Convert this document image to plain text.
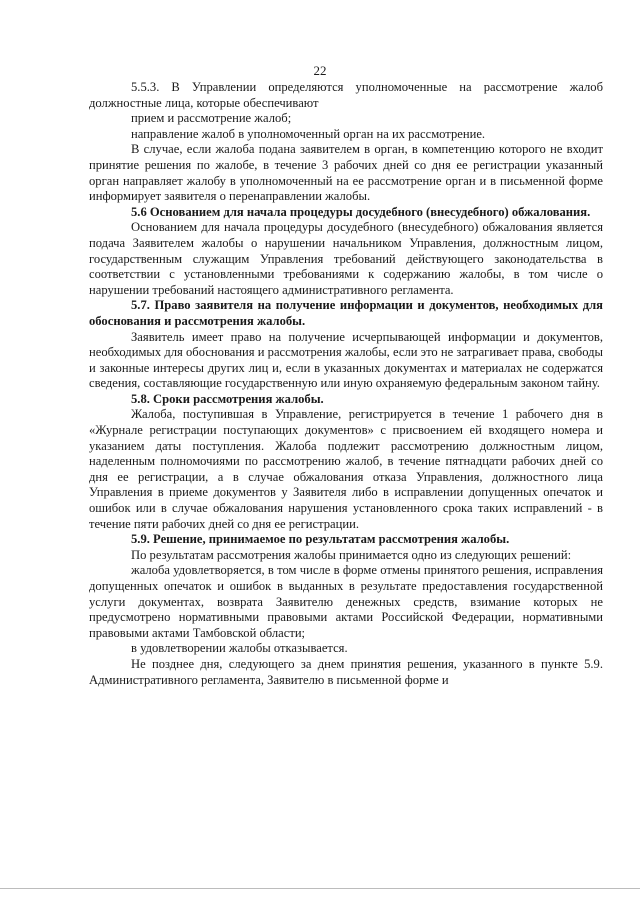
22

5.5.3. В Управлении определяются уполномоченные на рассмотрение жалоб должностные лица, которые обеспечивают

прием и рассмотрение жалоб;

направление жалоб в уполномоченный орган на их рассмотрение.

В случае, если жалоба подана заявителем в орган, в компетенцию которого не входит принятие решения по жалобе, в течение 3 рабочих дней со дня ее регистрации указанный орган направляет жалобу в уполномоченный на ее рассмотрение орган и в письменной форме информирует заявителя о перенаправлении жалобы.

5.6 Основанием для начала процедуры досудебного (внесудебного) обжалования.

Основанием для начала процедуры досудебного (внесудебного) обжалования является подача Заявителем жалобы о нарушении начальником Управления, должностным лицом, государственным служащим Управления требований действующего законодательства в соответствии с установленными требованиями к содержанию жалобы, в том числе о нарушении требований настоящего административного регламента.

5.7. Право заявителя на получение информации и документов, необходимых для обоснования и рассмотрения жалобы.

Заявитель имеет право на получение исчерпывающей информации и документов, необходимых для обоснования и рассмотрения жалобы, если это не затрагивает права, свободы и законные интересы других лиц и, если в указанных документах и материалах не содержатся сведения, составляющие государственную или иную охраняемую федеральным законом тайну.

5.8. Сроки рассмотрения жалобы.

Жалоба, поступившая в Управление, регистрируется в течение 1 рабочего дня в «Журнале регистрации поступающих документов» с присвоением ей входящего номера и указанием даты поступления. Жалоба подлежит рассмотрению должностным лицом, наделенным полномочиями по рассмотрению жалоб, в течение пятнадцати рабочих дней со дня ее регистрации, а в случае обжалования отказа Управления, должностного лица Управления в приеме документов у Заявителя либо в исправлении допущенных опечаток и ошибок или в случае обжалования нарушения установленного срока таких исправлений - в течение пяти рабочих дней со дня ее регистрации.

5.9. Решение, принимаемое по результатам рассмотрения жалобы.

По результатам рассмотрения жалобы принимается одно из следующих решений:

жалоба удовлетворяется, в том числе в форме отмены принятого решения, исправления допущенных опечаток и ошибок в выданных в результате предоставления государственной услуги документах, возврата Заявителю денежных средств, взимание которых не предусмотрено нормативными правовыми актами Российской Федерации, нормативными правовыми актами Тамбовской области;

в удовлетворении жалобы отказывается.

Не позднее дня, следующего за днем принятия решения, указанного в пункте 5.9. Административного регламента, Заявителю в письменной форме и
